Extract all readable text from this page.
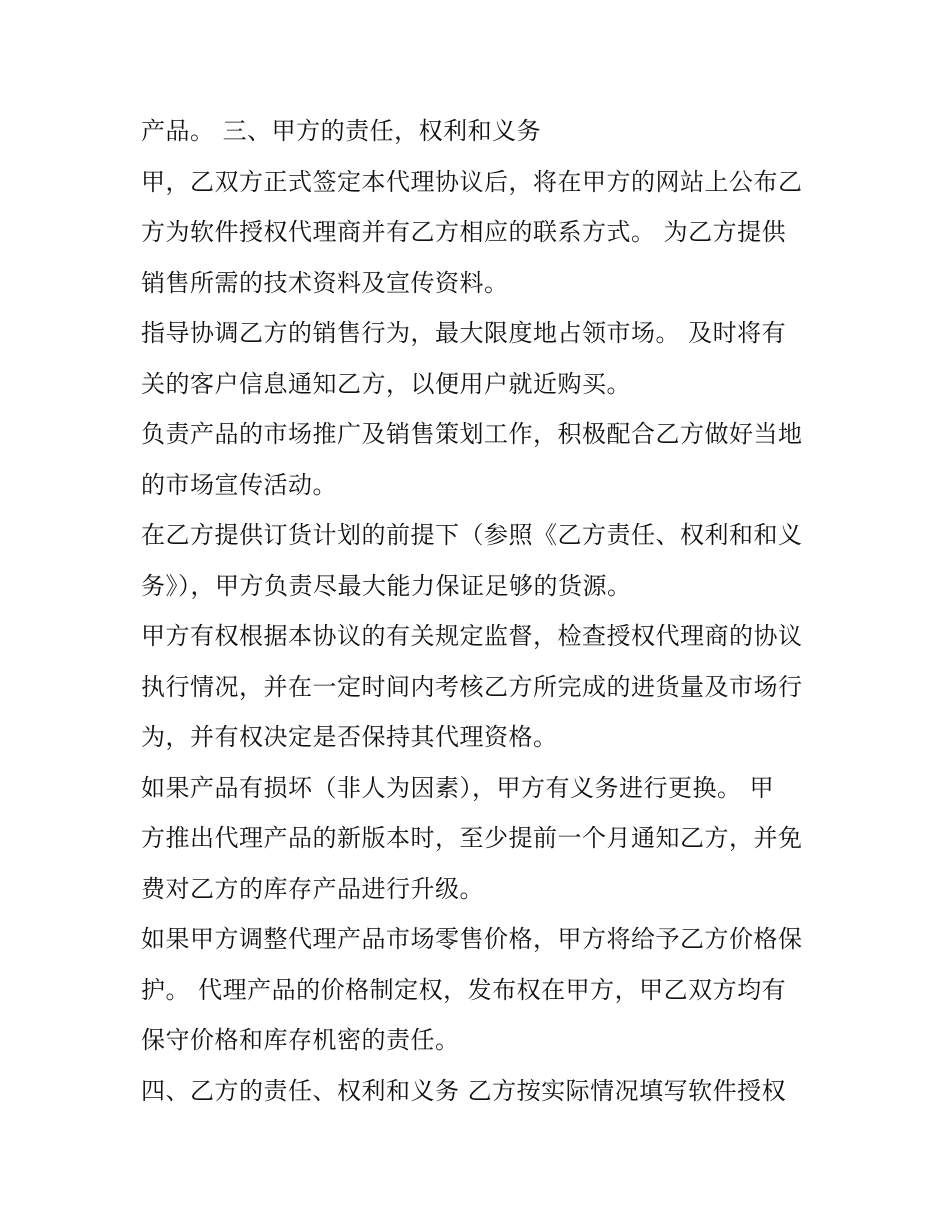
产品。 三、甲方的责任，权利和义务
甲，乙双方正式签定本代理协议后，将在甲方的网站上公布乙
方为软件授权代理商并有乙方相应的联系方式。 为乙方提供
销售所需的技术资料及宣传资料。
指导协调乙方的销售行为，最大限度地占领市场。 及时将有
关的客户信息通知乙方，以便用户就近购买。
负责产品的市场推广及销售策划工作，积极配合乙方做好当地
的市场宣传活动。
在乙方提供订货计划的前提下（参照《乙方责任、权利和和义
务》），甲方负责尽最大能力保证足够的货源。
甲方有权根据本协议的有关规定监督，检查授权代理商的协议
执行情况，并在一定时间内考核乙方所完成的进货量及市场行
为，并有权决定是否保持其代理资格。
如果产品有损坏（非人为因素），甲方有义务进行更换。 甲
方推出代理产品的新版本时，至少提前一个月通知乙方，并免
费对乙方的库存产品进行升级。
如果甲方调整代理产品市场零售价格，甲方将给予乙方价格保
护。 代理产品的价格制定权，发布权在甲方，甲乙双方均有
保守价格和库存机密的责任。
四、乙方的责任、权利和义务 乙方按实际情况填写软件授权
